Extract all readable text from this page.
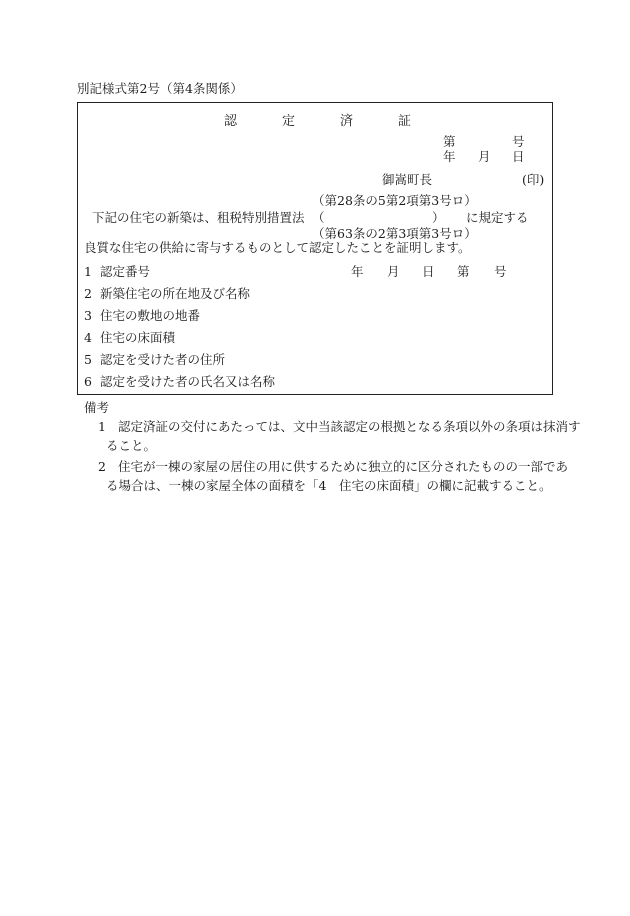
別記様式第2号（第4条関係）
認	定	済	証
第	号
年 月 日
御嵩町長	(印)
（第28条の5第2項第3号ロ）
下記の住宅の新築は、租税特別措置法 （	） に規定する
（第63条の2第3項第3号ロ）
良質な住宅の供給に寄与するものとして認定したことを証明します。
1 認定番号	年 月 日 第 号
2 新築住宅の所在地及び名称
3 住宅の敷地の地番
4 住宅の床面積
5 認定を受けた者の住所
6 認定を受けた者の氏名又は名称
備考
1 認定済証の交付にあたっては、文中当該認定の根拠となる条項以外の条項は抹消す
ること。
2 住宅が一棟の家屋の居住の用に供するために独立的に区分されたものの一部であ
る場合は、一棟の家屋全体の面積を「4　住宅の床面積」の欄に記載すること。
